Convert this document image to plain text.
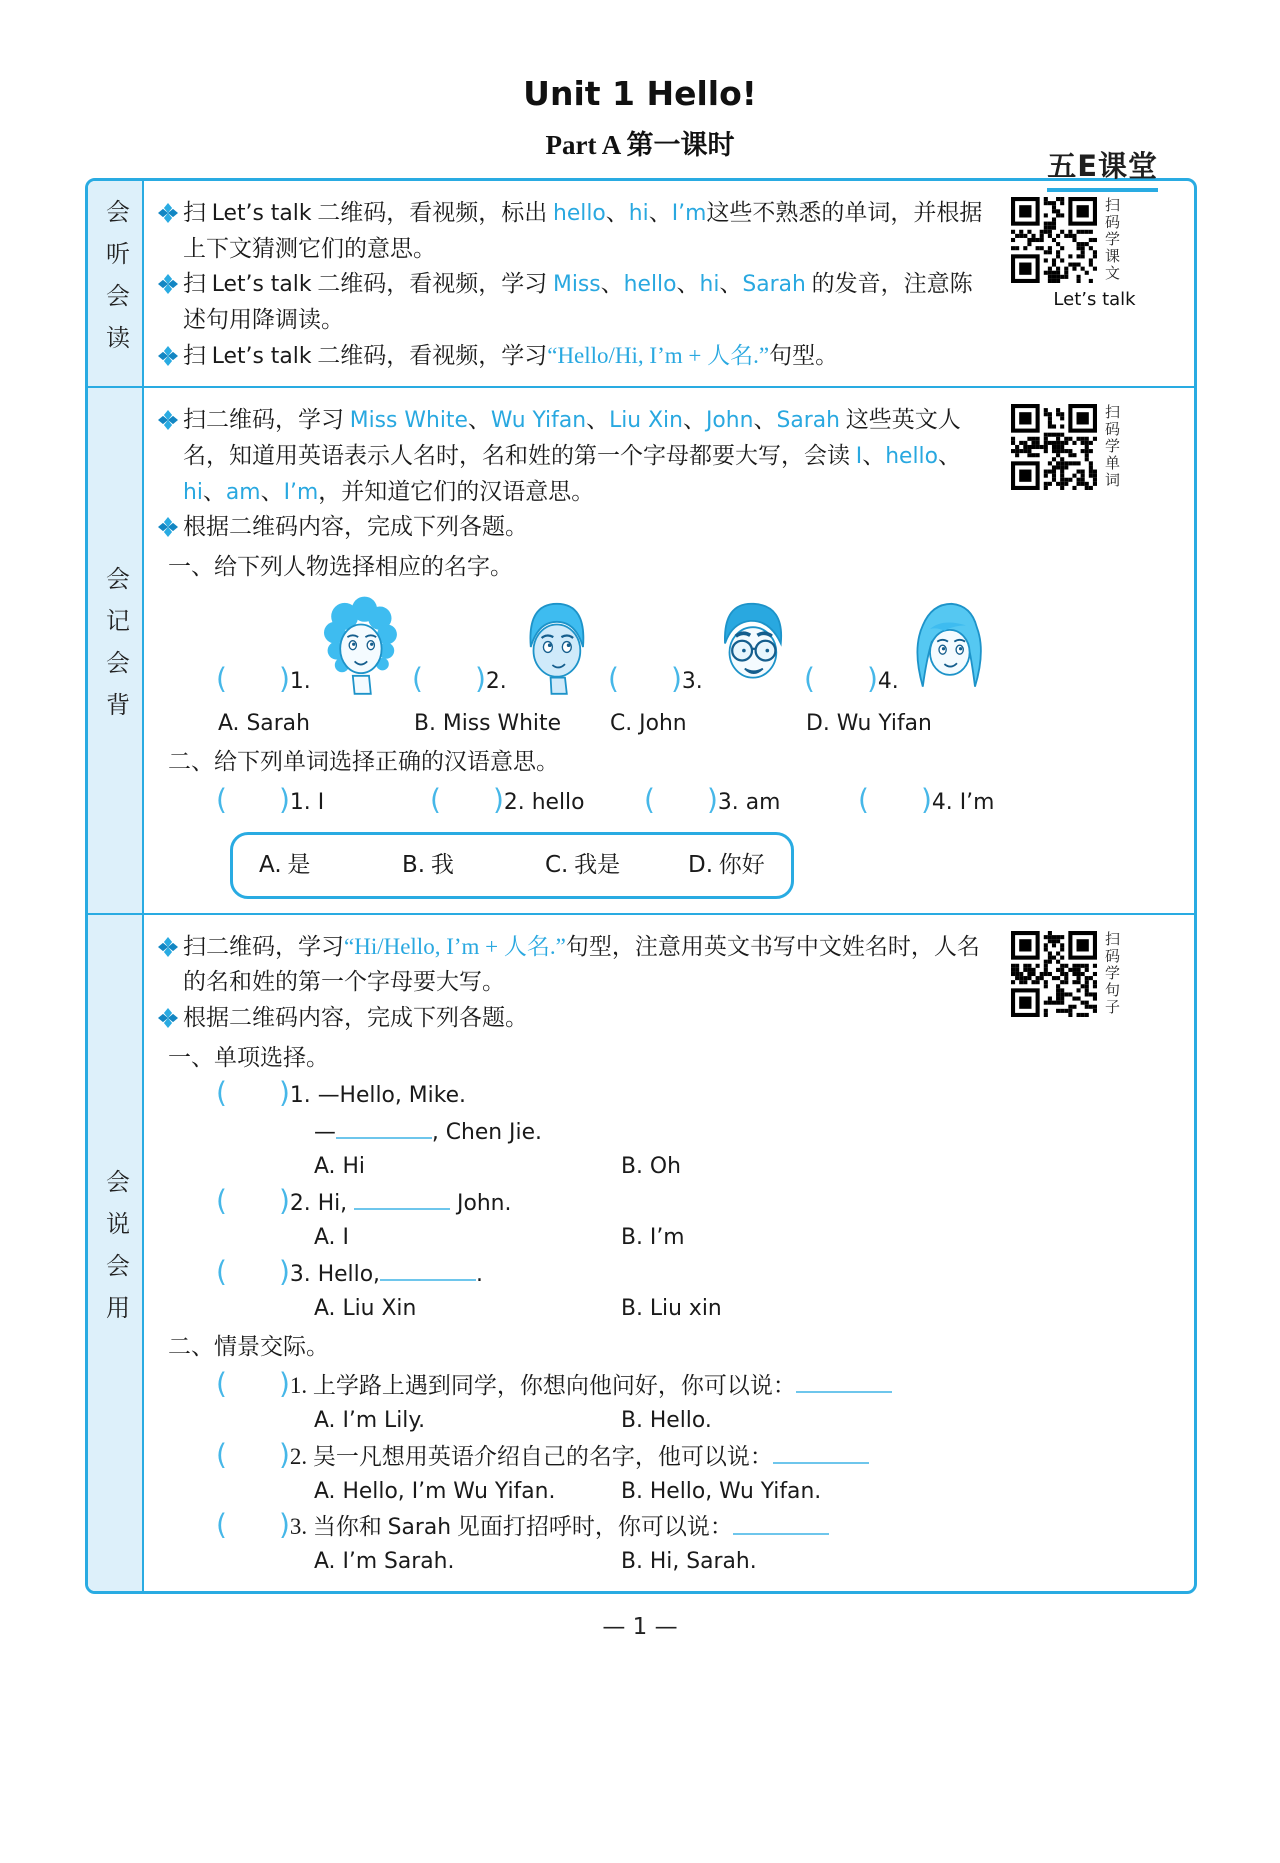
五E课堂
Unit 1 Hello!
Part A 第一课时
会听会读	扫码学课文
Let’s talk

扫 Let’s talk 二维码，看视频，标出 hello、hi、I’m这些不熟悉的单词，并根据上下文猜测它们的意思。

扫 Let’s talk 二维码，看视频，学习 Miss、hello、hi、Sarah 的发音，注意陈述句用降调读。

扫 Let’s talk 二维码，看视频，学习“Hello/Hi, I’m + 人名.”句型。

会记会背
扫码学单词

扫二维码，学习 Miss White、Wu Yifan、Liu Xin、John、Sarah 这些英文人名，知道用英语表示人名时，名和姓的第一个字母都要大写，会读 I、hello、hi、am、I’m，并知道它们的汉语意思。

根据二维码内容，完成下列各题。

一、给下列人物选择相应的名字。

( )1.	( )2.	( )3.	( )4.
A. Sarah	B. Miss White	C. John	D. Wu Yifan

二、给下列单词选择正确的汉语意思。

( )1. I	( )2. hello	( )3. am	( )4. I’m
A. 是	B. 我	C. 我是	D. 你好
会说会用
扫码学句子

扫二维码，学习“Hi/Hello, I’m + 人名.”句型，注意用英文书写中文姓名时，人名的名和姓的第一个字母要大写。

根据二维码内容，完成下列各题。

一、单项选择。

( )1. —Hello, Mike.
—	, Chen Jie.
A. Hi	B. Oh
( )2. Hi,	John.
A. I	B. I’m
( )3. Hello,	.
A. Liu Xin	B. Liu xin

二、情景交际。

( )1. 上学路上遇到同学，你想向他问好，你可以说：
A. I’m Lily.	B. Hello.
( )2. 吴一凡想用英语介绍自己的名字，他可以说：
A. Hello, I’m Wu Yifan.	B. Hello, Wu Yifan.
( )3. 当你和 Sarah 见面打招呼时，你可以说：
A. I’m Sarah.	B. Hi, Sarah.
— 1 —
